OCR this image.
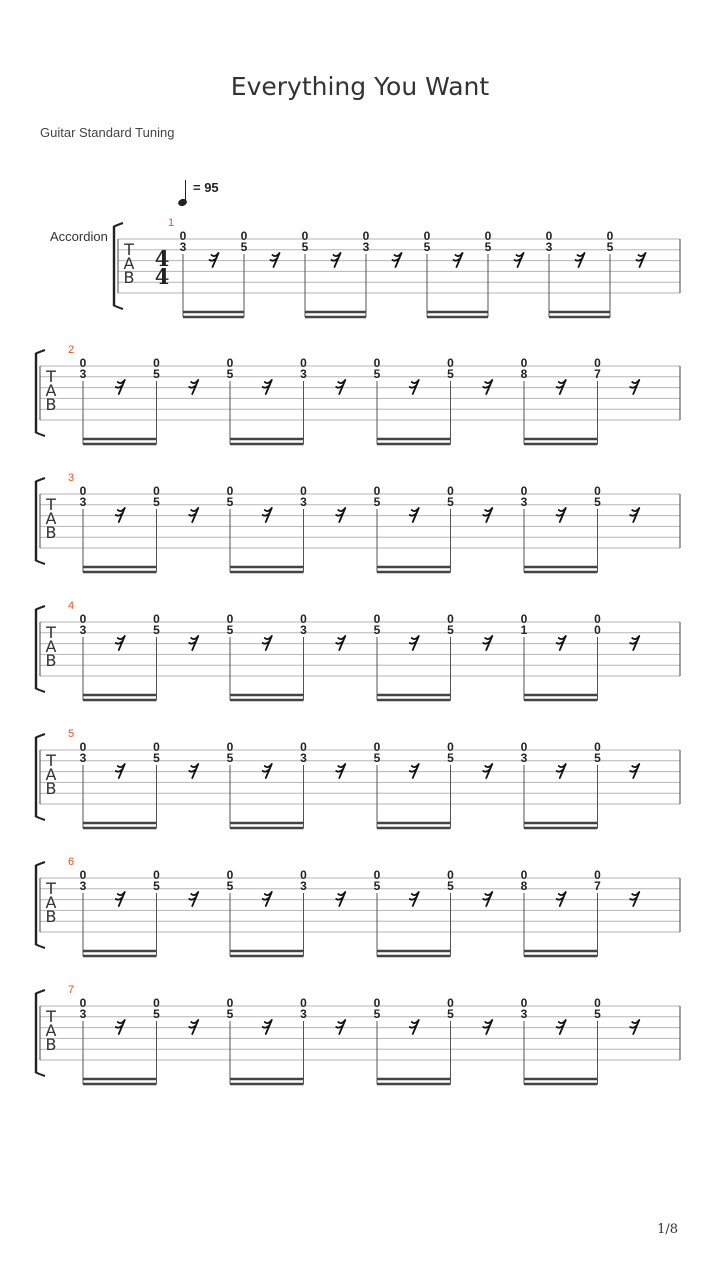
Everything You Want
Guitar Standard Tuning
= 95
Accordion
T
A
B
4
4
1
0
3
0
5
0
5
0
3
0
5
0
5
0
3
0
5
T
A
B
2
0
3
0
5
0
5
0
3
0
5
0
5
0
8
0
7
T
A
B
3
0
3
0
5
0
5
0
3
0
5
0
5
0
3
0
5
T
A
B
4
0
3
0
5
0
5
0
3
0
5
0
5
0
1
0
0
T
A
B
5
0
3
0
5
0
5
0
3
0
5
0
5
0
3
0
5
T
A
B
6
0
3
0
5
0
5
0
3
0
5
0
5
0
8
0
7
T
A
B
7
0
3
0
5
0
5
0
3
0
5
0
5
0
3
0
5
1/8
